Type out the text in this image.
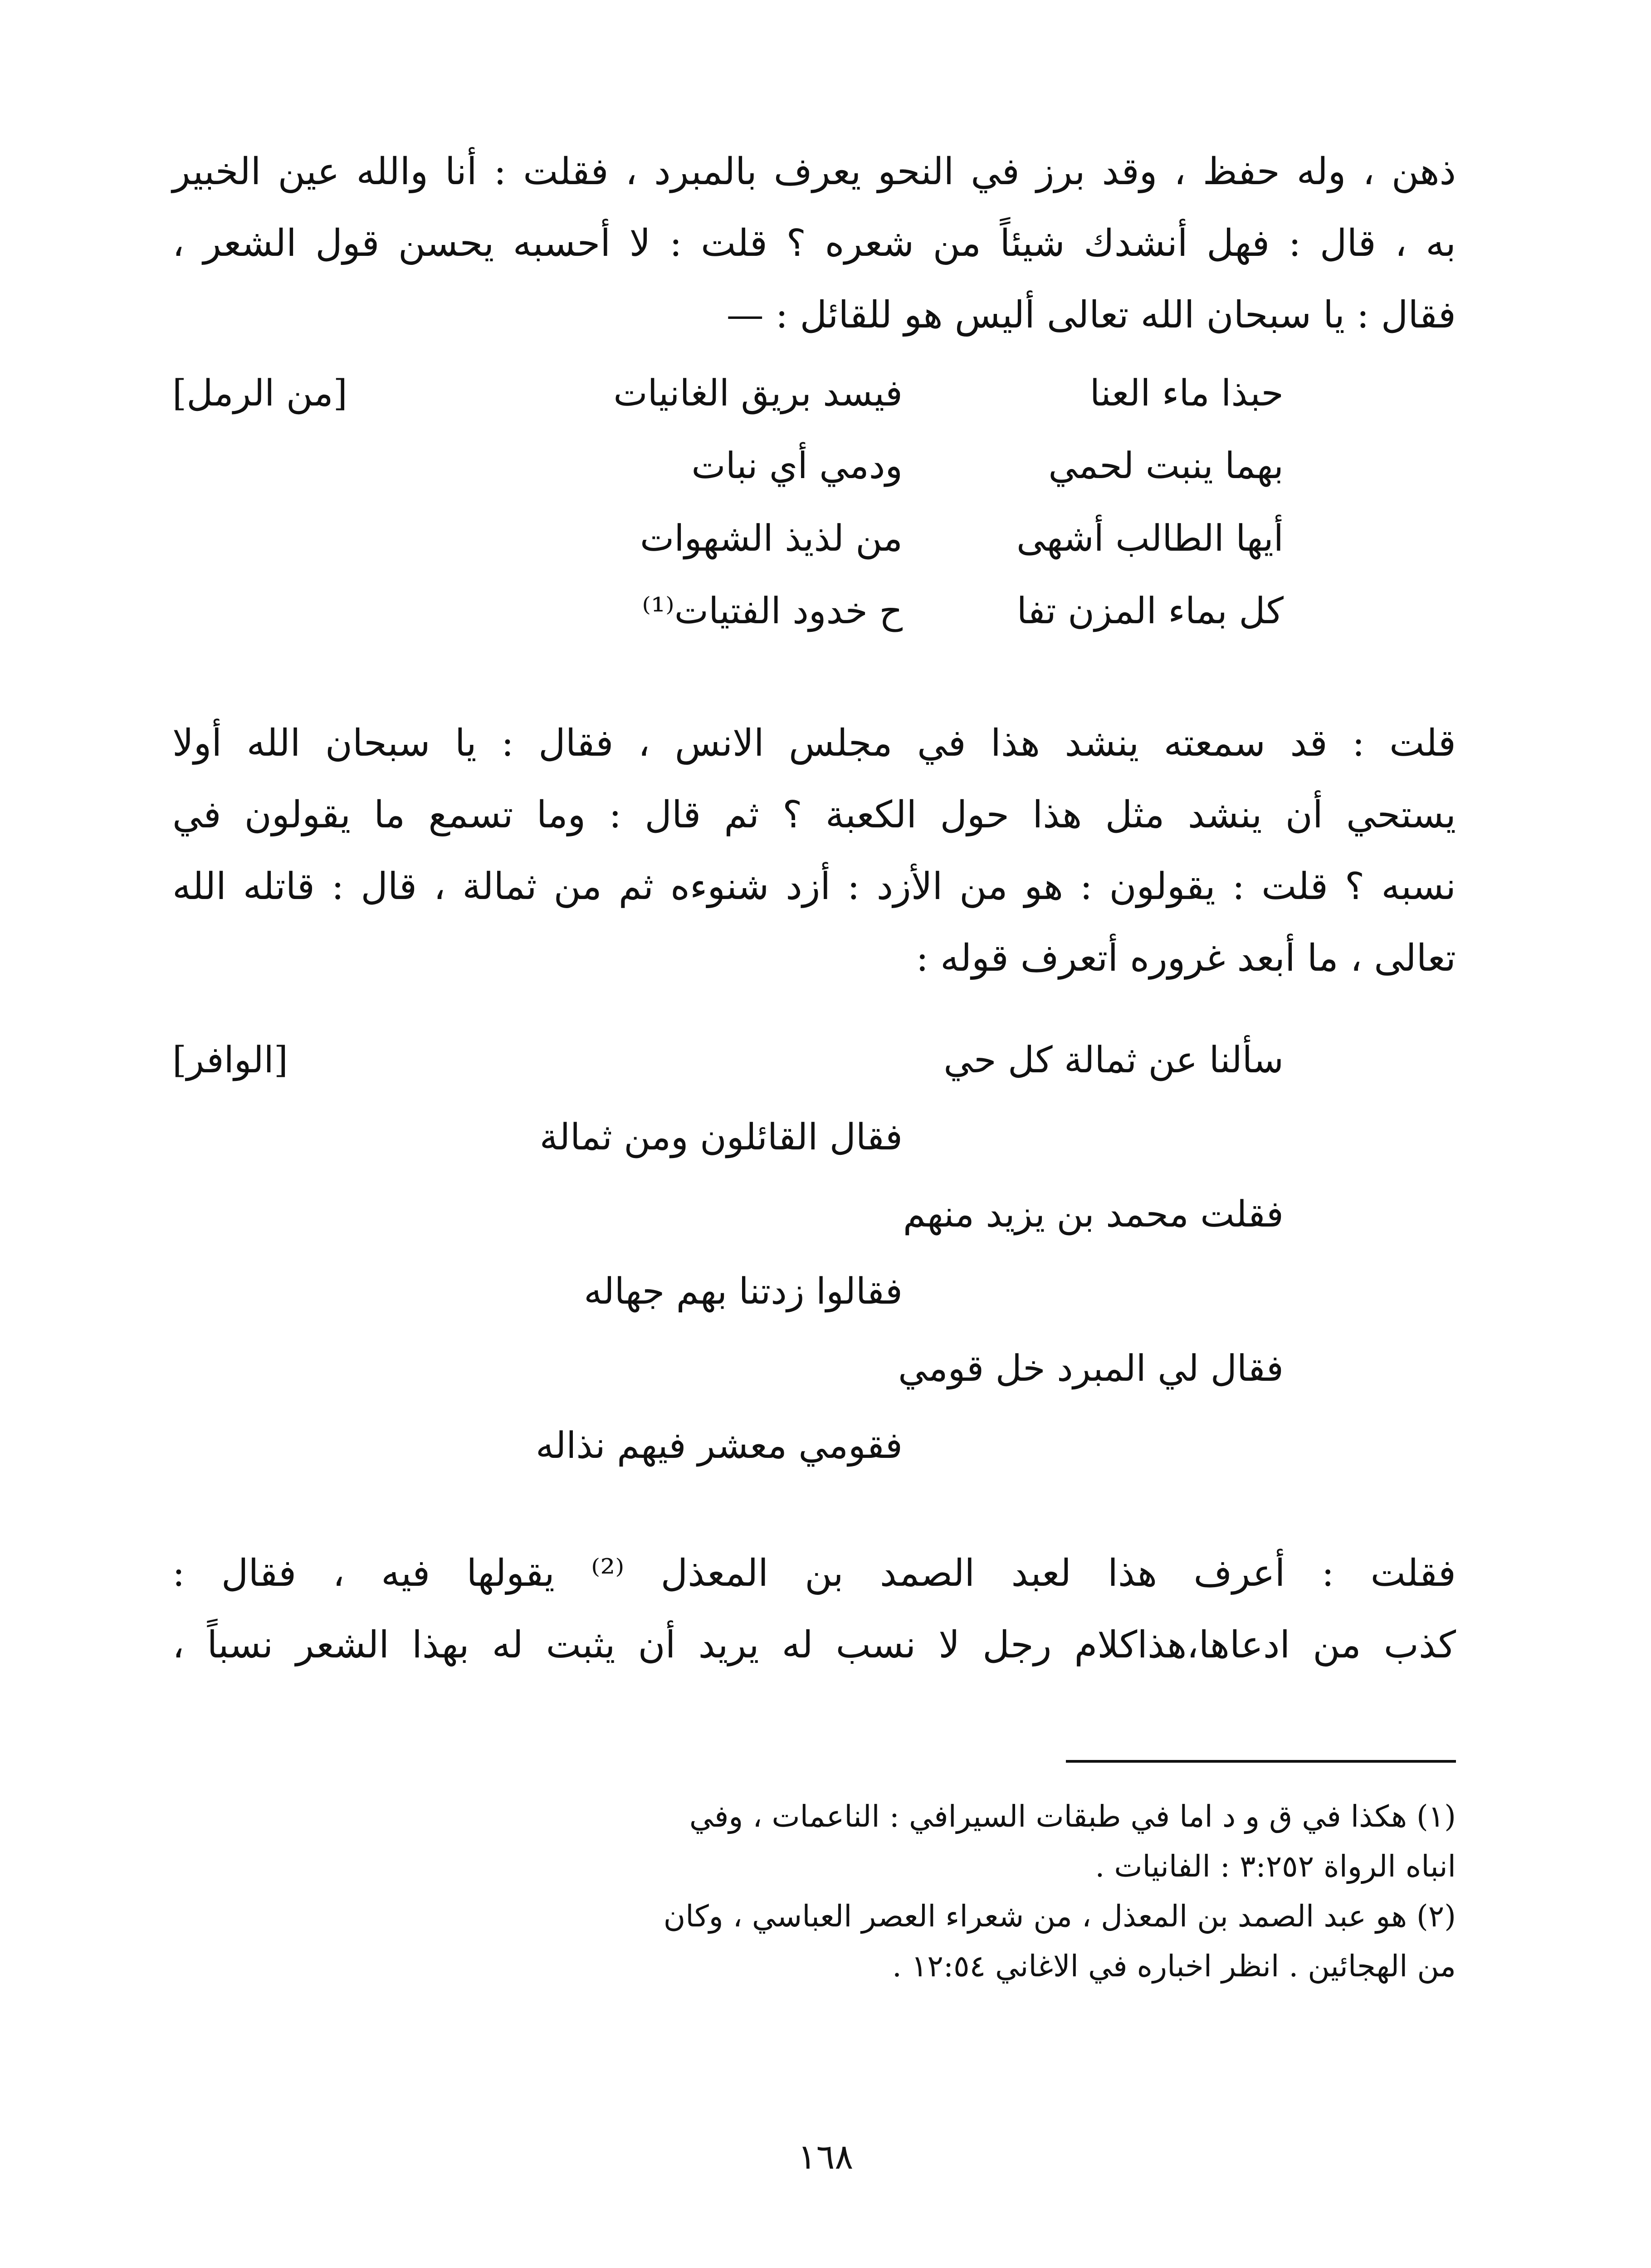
ذهن ، وله حفظ ، وقد برز في النحو يعرف بالمبرد ، فقلت : أنا والله عين الخبير
به ، قال : فهل أنشدك شيئاً من شعره ؟ قلت : لا أحسبه يحسن قول الشعر ،
فقال : يا سبحان الله تعالى أليس هو للقائل : —
حبذا ماء العنا
فيسد بريق الغانيات
[من الرمل]
بهما ينبت لحمي
ودمي أي نبات
أيها الطالب أشهى
من لذيذ الشهوات
كل بماء المزن تفا
ح خدود الفتيات⁽¹⁾
قلت : قد سمعته ينشد هذا في مجلس الانس ، فقال : يا سبحان الله أولا
يستحي أن ينشد مثل هذا حول الكعبة ؟ ثم قال : وما تسمع ما يقولون في
نسبه ؟ قلت : يقولون : هو من الأزد : أزد شنوءه ثم من ثمالة ، قال : قاتله الله
تعالى ، ما أبعد غروره أتعرف قوله :
سألنا عن ثمالة كل حي
[الوافر]
فقال القائلون ومن ثمالة
فقلت محمد بن يزيد منهم
فقالوا زدتنا بهم جهاله
فقال لي المبرد خل قومي
فقومي معشر فيهم نذاله
فقلت : أعرف هذا لعبد الصمد بن المعذل ⁽²⁾ يقولها فيه ، فقال :
كذب من ادعاها،هذاكلام رجل لا نسب له يريد أن يثبت له بهذا الشعر نسباً ،
(١) هكذا في ق و د اما في طبقات السيرافي : الناعمات ، وفي
انباه الرواة ٣:٢٥٢ : الفانيات .
(٢) هو عبد الصمد بن المعذل ، من شعراء العصر العباسي ، وكان
من الهجائين . انظر اخباره في الاغاني ١٢:٥٤ .
١٦٨
